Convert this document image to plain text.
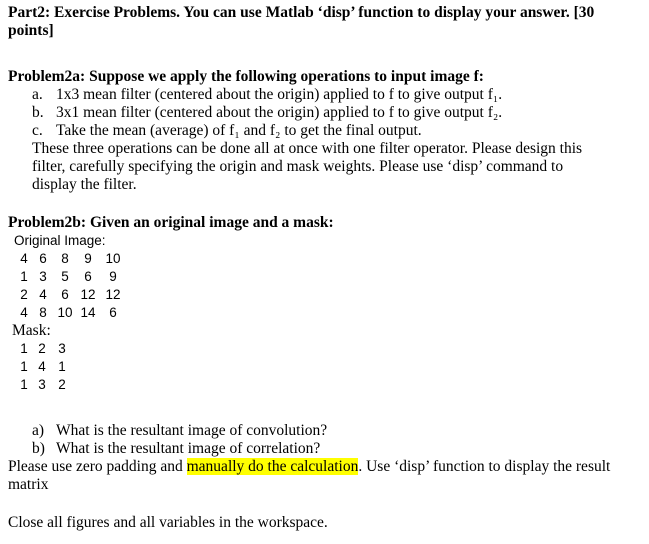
Part2: Exercise Problems. You can use Matlab ‘disp’ function to display your answer. [30
points]
Problem2a: Suppose we apply the following operations to input image f:
a. 1x3 mean filter (centered about the origin) applied to f to give output f₁.
b. 3x1 mean filter (centered about the origin) applied to f to give output f₂.
c. Take the mean (average) of f₁ and f₂ to get the final output.
These three operations can be done all at once with one filter operator. Please design this
filter, carefully specifying the origin and mask weights. Please use ‘disp’ command to
display the filter.
Problem2b: Given an original image and a mask:
Original Image:
4 6	8	9	10
1 3	5	6	9
2 4	6 12 12
4 8 10 14	6
Mask:
1 2 3
1 4 1
1 3 2
a) What is the resultant image of convolution?
b) What is the resultant image of correlation?
Please use zero padding and manually do the calculation. Use ‘disp’ function to display the result
matrix
Close all figures and all variables in the workspace.
